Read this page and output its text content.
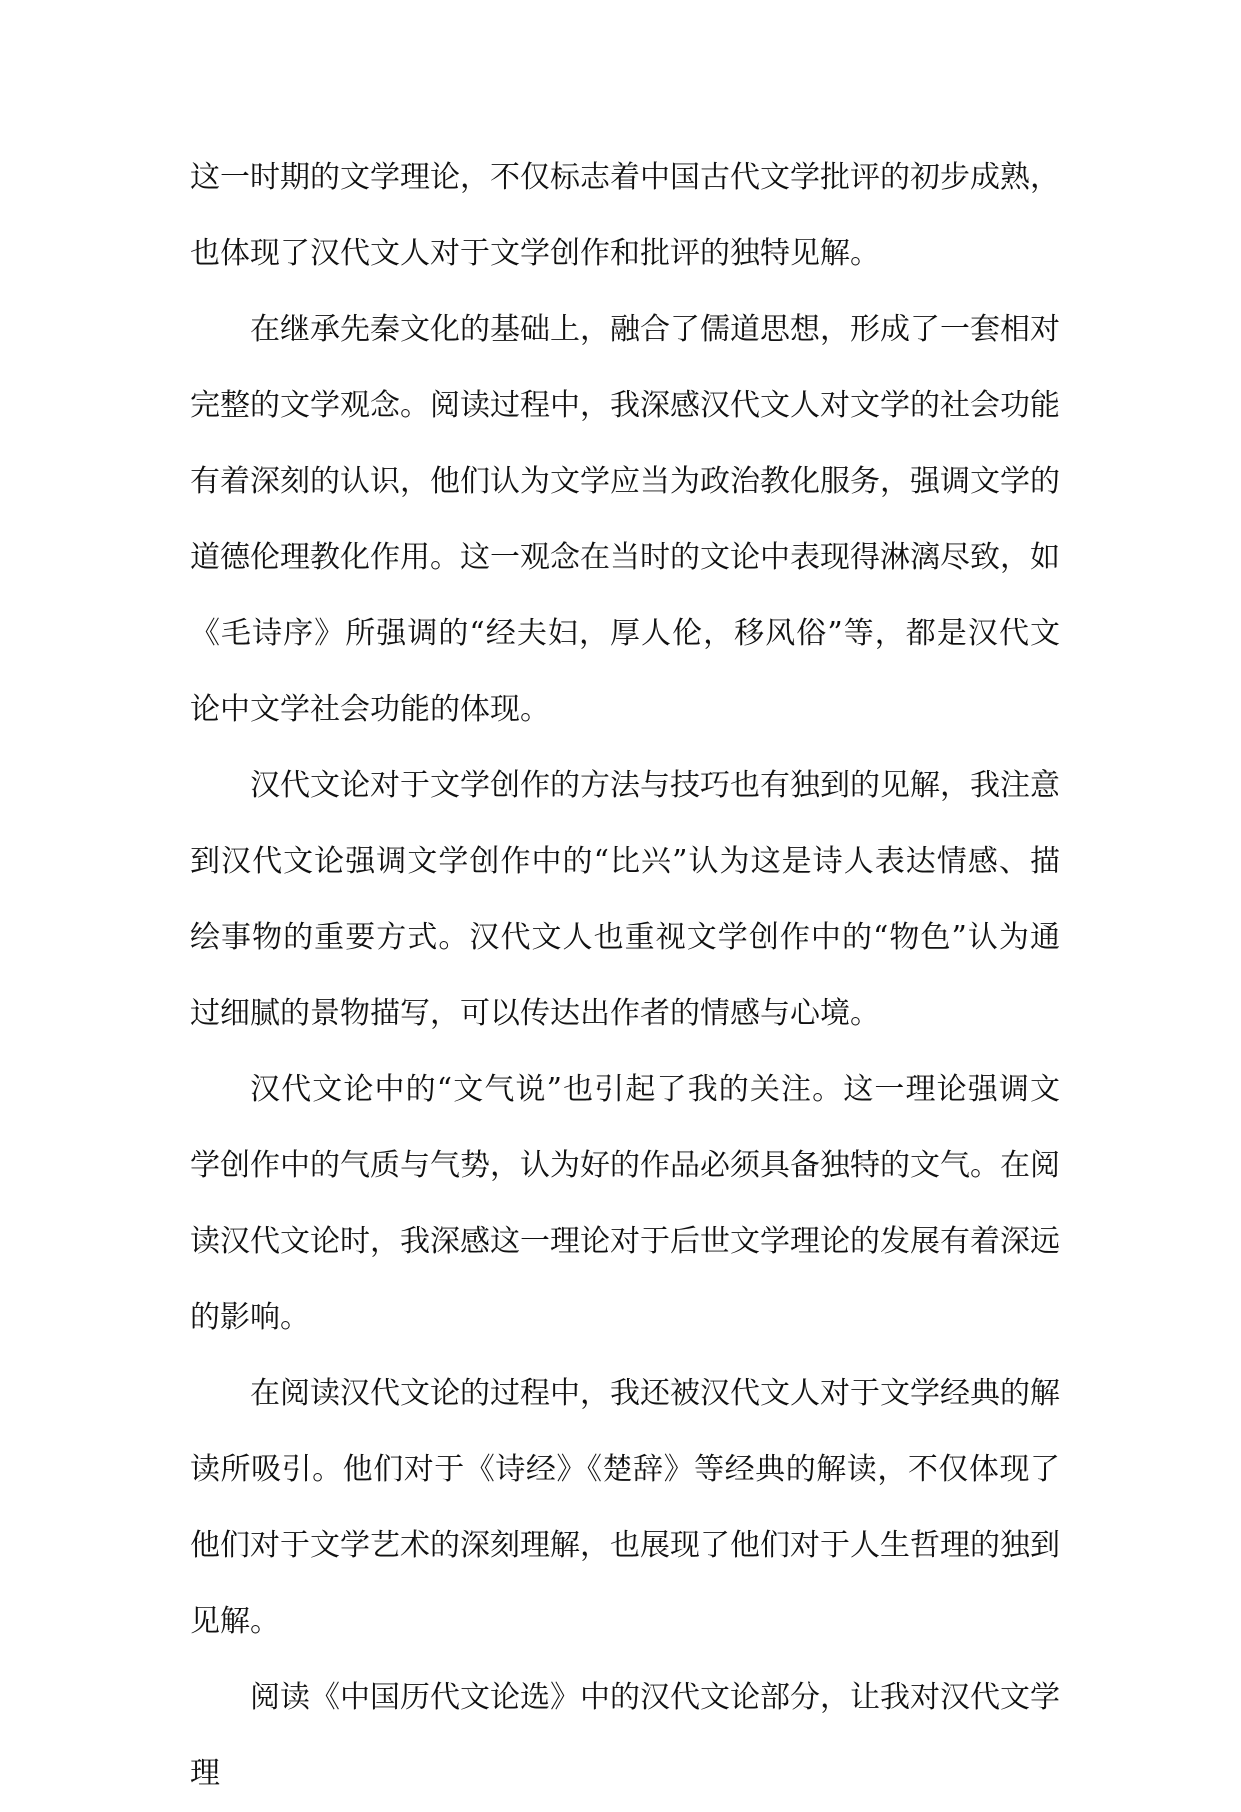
这一时期的文学理论，不仅标志着中国古代文学批评的初步成熟，也体现了汉代文人对于文学创作和批评的独特见解。

在继承先秦文化的基础上，融合了儒道思想，形成了一套相对完整的文学观念。阅读过程中，我深感汉代文人对文学的社会功能有着深刻的认识，他们认为文学应当为政治教化服务，强调文学的道德伦理教化作用。这一观念在当时的文论中表现得淋漓尽致，如《毛诗序》所强调的“经夫妇，厚人伦，移风俗”等，都是汉代文论中文学社会功能的体现。

汉代文论对于文学创作的方法与技巧也有独到的见解，我注意到汉代文论强调文学创作中的“比兴”认为这是诗人表达情感、描绘事物的重要方式。汉代文人也重视文学创作中的“物色”认为通过细腻的景物描写，可以传达出作者的情感与心境。

汉代文论中的“文气说”也引起了我的关注。这一理论强调文学创作中的气质与气势，认为好的作品必须具备独特的文气。在阅读汉代文论时，我深感这一理论对于后世文学理论的发展有着深远的影响。

在阅读汉代文论的过程中，我还被汉代文人对于文学经典的解读所吸引。他们对于《诗经》《楚辞》等经典的解读，不仅体现了他们对于文学艺术的深刻理解，也展现了他们对于人生哲理的独到见解。

阅读《中国历代文论选》中的汉代文论部分，让我对汉代文学理
